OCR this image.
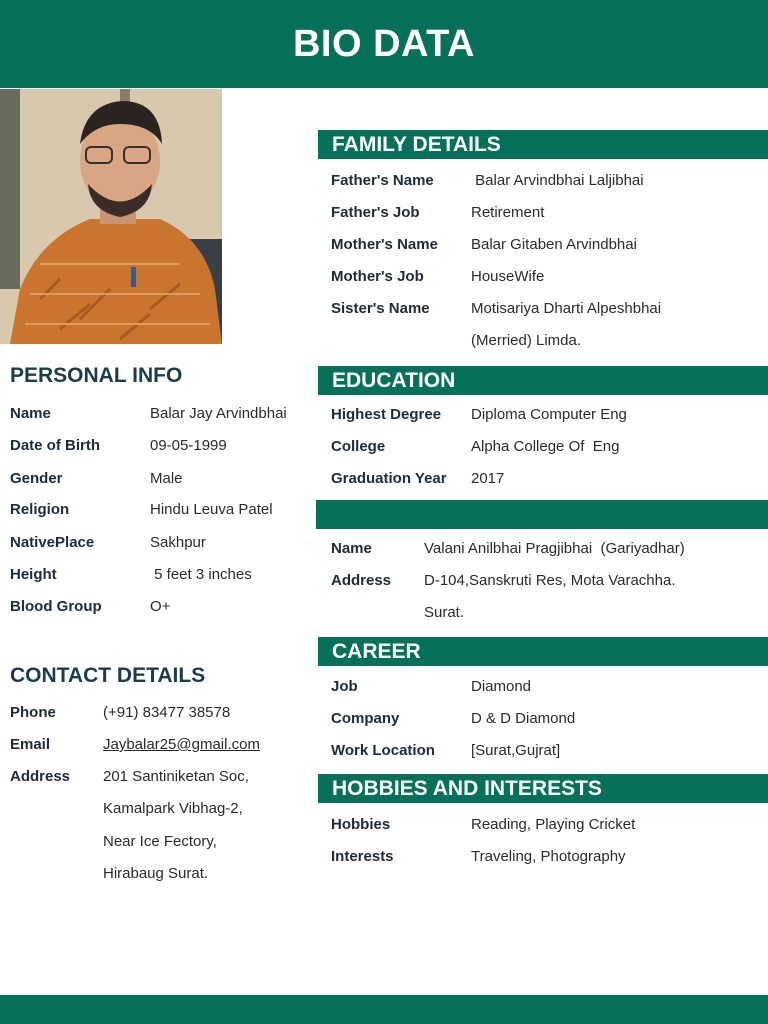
BIO DATA
PERSONAL INFO
Name	Balar Jay Arvindbhai
Date of Birth	09-05-1999
Gender	Male
Religion	Hindu Leuva Patel
NativePlace	Sakhpur
Height	5 feet 3 inches
Blood Group	O+
CONTACT DETAILS
Phone	(+91) 83477 38578
Email	Jaybalar25@gmail.com
Address 201 Santiniketan Soc,
Kamalpark Vibhag-2,
Near Ice Fectory,
Hirabaug Surat.
FAMILY DETAILS
Father's Name Balar Arvindbhai Laljibhai
Father's Job	Retirement
Mother's Name Balar Gitaben Arvindbhai
Mother's Job	HouseWife
Sister's Name	Motisariya Dharti Alpeshbhai
(Merried) Limda.
EDUCATION
Highest Degree Diploma Computer Eng
College	Alpha College Of  Eng
Graduation Year 2017
Name	Valani Anilbhai Pragjibhai  (Gariyadhar)
Address D-104,Sanskruti Res, Mota Varachha.
Surat.
CAREER
Job	Diamond
Company	D & D Diamond
Work Location [Surat,Gujrat]
HOBBIES AND INTERESTS
Hobbies	Reading, Playing Cricket
Interests	Traveling, Photography
